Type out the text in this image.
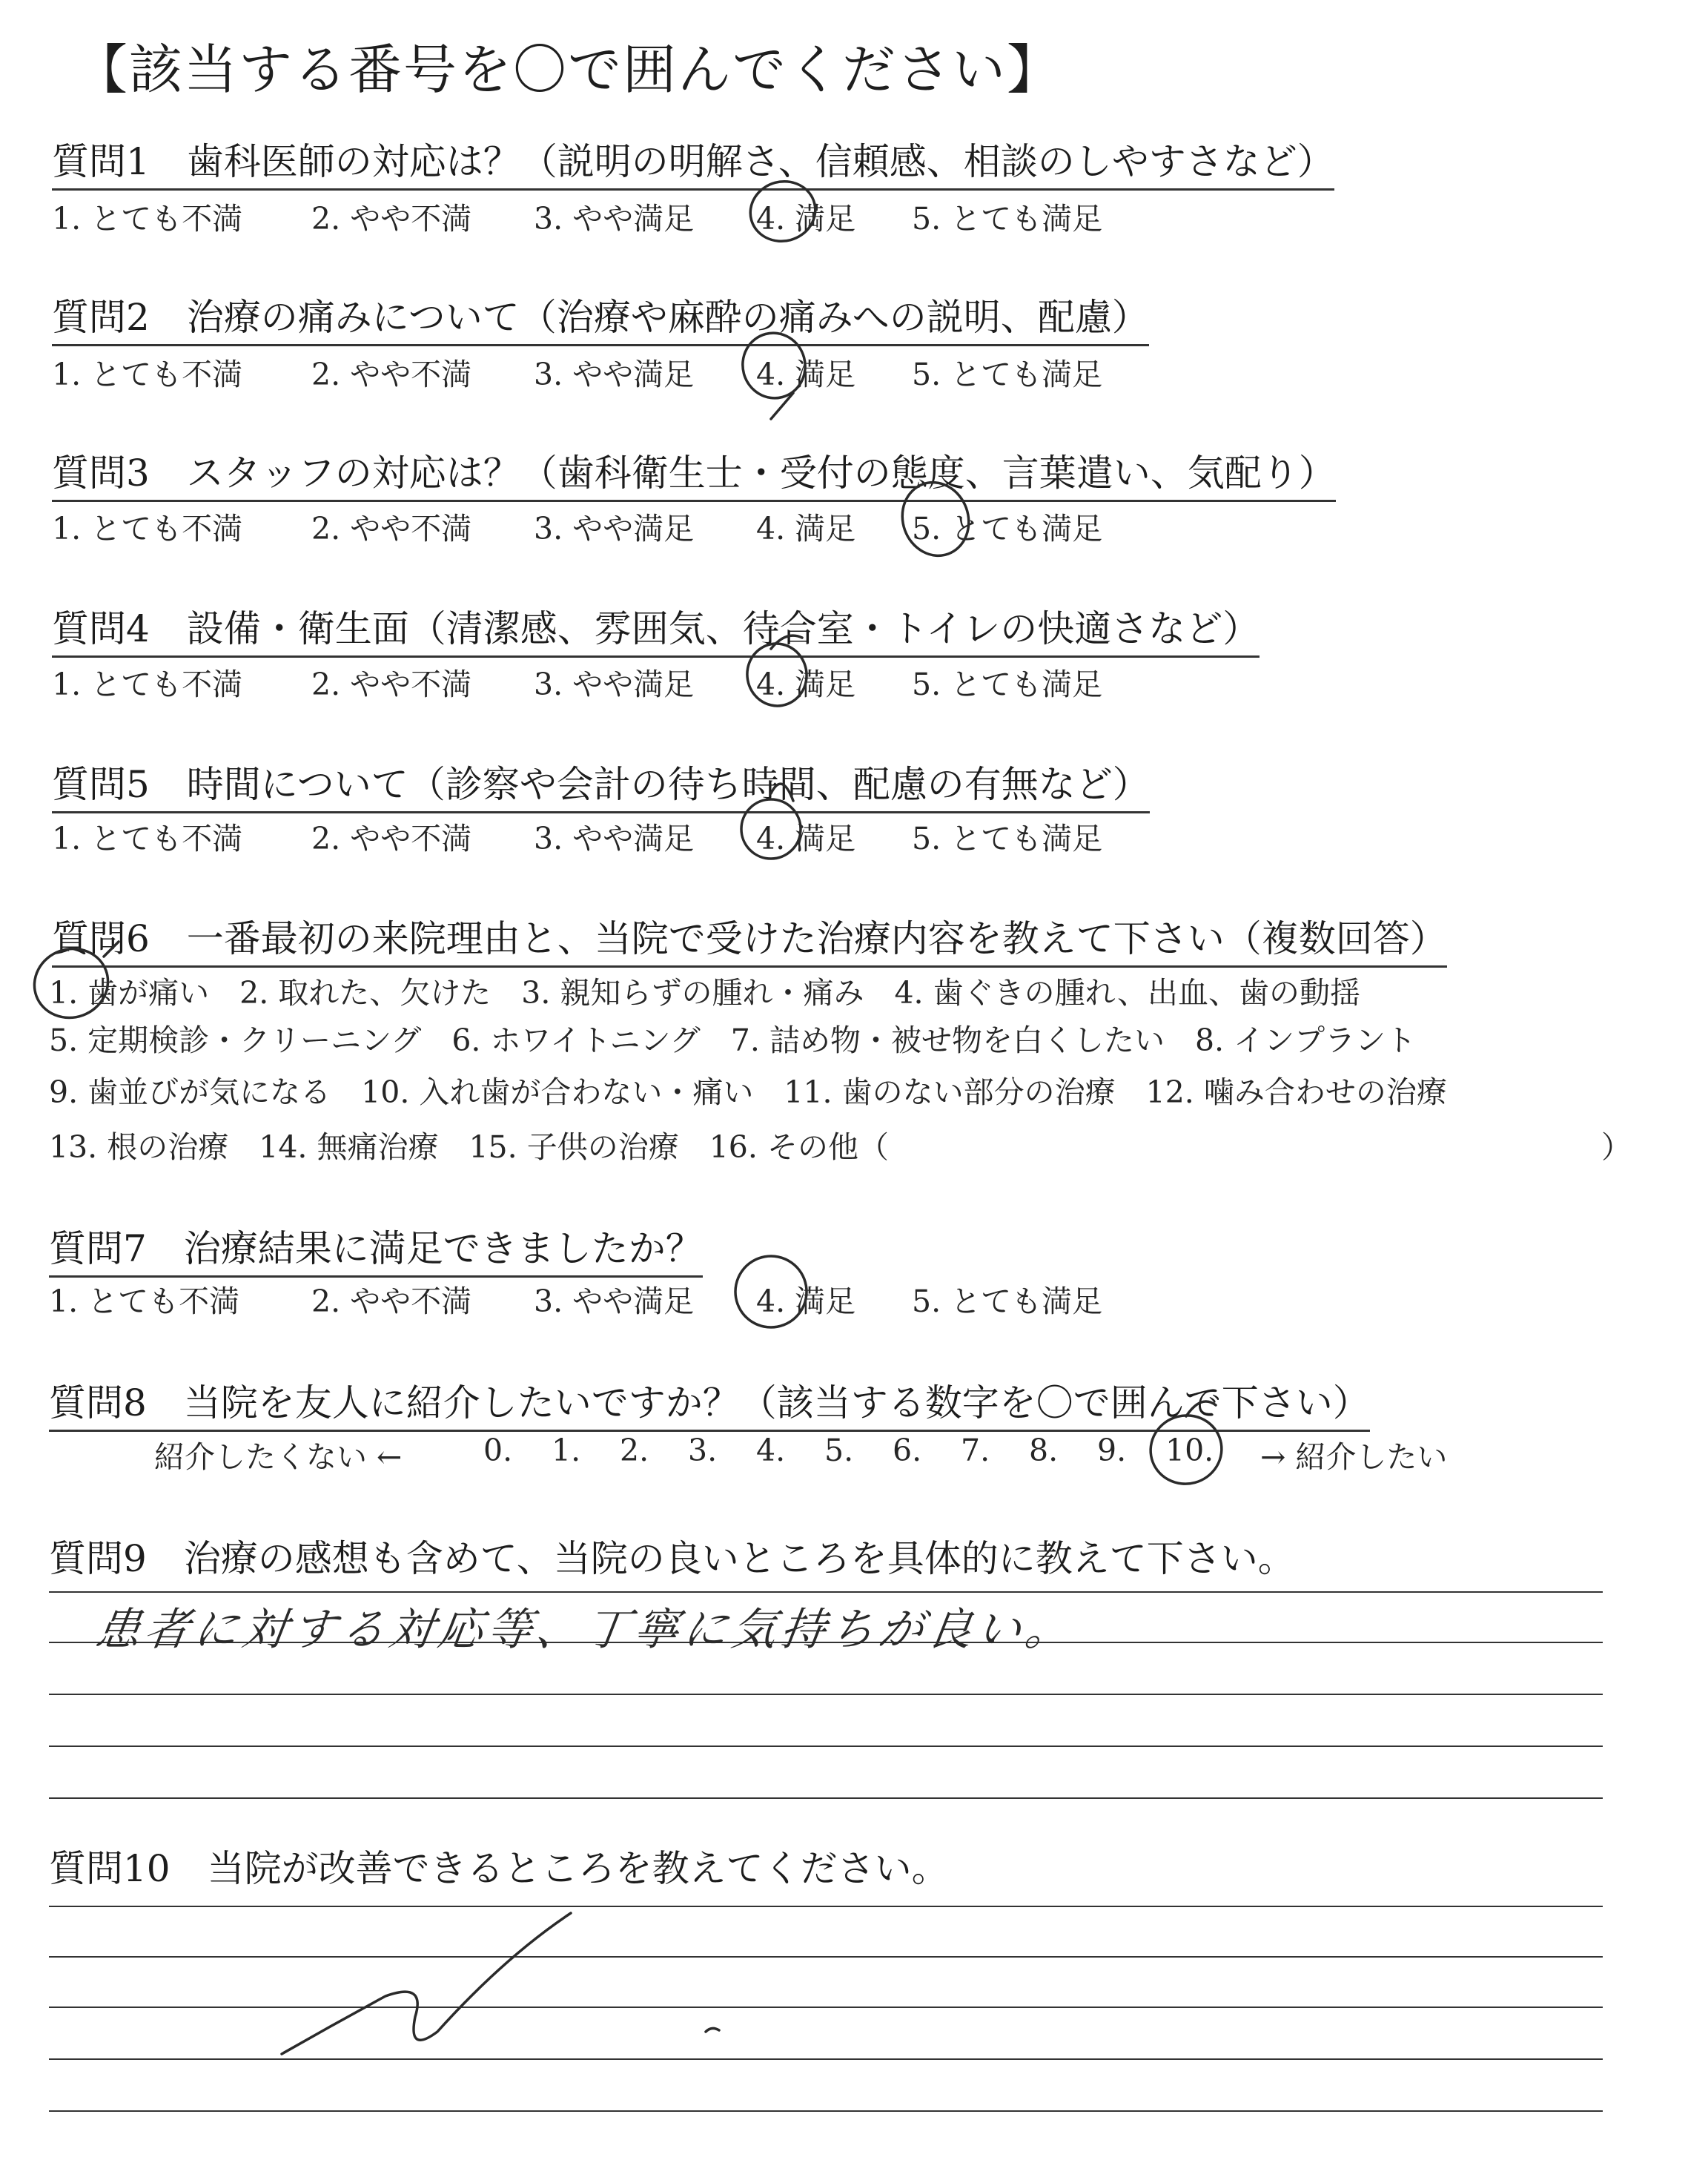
【該当する番号を〇で囲んでください】
質問1　歯科医師の対応は？（説明の明解さ、信頼感、相談のしやすさなど）
1. とても不満 2. やや不満 3. やや満足 4. 満足 5. とても満足
質問2　治療の痛みについて（治療や麻酔の痛みへの説明、配慮）
1. とても不満 2. やや不満 3. やや満足 4. 満足 5. とても満足
質問3　スタッフの対応は？（歯科衛生士・受付の態度、言葉遣い、気配り）
1. とても不満 2. やや不満 3. やや満足 4. 満足 5. とても満足
質問4　設備・衛生面（清潔感、雰囲気、待合室・トイレの快適さなど）
1. とても不満 2. やや不満 3. やや満足 4. 満足 5. とても満足
質問5　時間について（診察や会計の待ち時間、配慮の有無など）
1. とても不満 2. やや不満 3. やや満足 4. 満足 5. とても満足
質問6　一番最初の来院理由と、当院で受けた治療内容を教えて下さい（複数回答）
1. 歯が痛い　2. 取れた、欠けた　3. 親知らずの腫れ・痛み　4. 歯ぐきの腫れ、出血、歯の動揺
5. 定期検診・クリーニング　6. ホワイトニング　7. 詰め物・被せ物を白くしたい　8. インプラント
9. 歯並びが気になる　10. 入れ歯が合わない・痛い　11. 歯のない部分の治療　12. 噛み合わせの治療
13. 根の治療　14. 無痛治療　15. 子供の治療　16. その他（	）
質問7　治療結果に満足できましたか？
1. とても不満 2. やや不満 3. やや満足 4. 満足 5. とても満足
質問8　当院を友人に紹介したいですか？（該当する数字を〇で囲んで下さい）
紹介したくない ←	0. 1. 2. 3. 4. 5. 6. 7. 8. 9. 10. → 紹介したい
質問9　治療の感想も含めて、当院の良いところを具体的に教えて下さい。
患者に対する対応等、丁寧に気持ちが良い。
質問10　当院が改善できるところを教えてください。
